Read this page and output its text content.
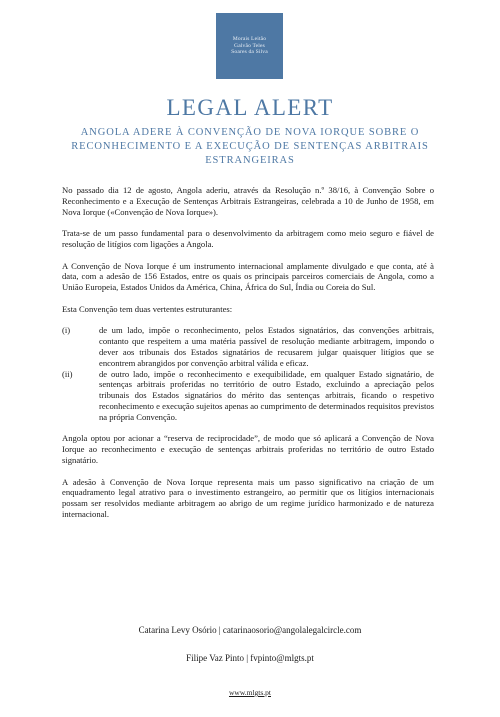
Morais Leitão
Galvão Teles
Soares da Silva
LEGAL ALERT
ANGOLA ADERE À CONVENÇÃO DE NOVA IORQUE SOBRE O RECONHECIMENTO E A EXECUÇÃO DE SENTENÇAS ARBITRAIS ESTRANGEIRAS

No passado dia 12 de agosto, Angola aderiu, através da Resolução n.º 38/16, à Convenção Sobre o Reconhecimento e a Execução de Sentenças Arbitrais Estrangeiras, celebrada a 10 de Junho de 1958, em Nova Iorque («Convenção de Nova Iorque»).

Trata-se de um passo fundamental para o desenvolvimento da arbitragem como meio seguro e fiável de resolução de litígios com ligações a Angola.

A Convenção de Nova Iorque é um instrumento internacional amplamente divulgado e que conta, até à data, com a adesão de 156 Estados, entre os quais os principais parceiros comerciais de Angola, como a União Europeia, Estados Unidos da América, China, África do Sul, Índia ou Coreia do Sul.

Esta Convenção tem duas vertentes estruturantes:

(i)	de um lado, impõe o reconhecimento, pelos Estados signatários, das convenções arbitrais, contanto que respeitem a uma matéria passível de resolução mediante arbitragem, impondo o dever aos tribunais dos Estados signatários de recusarem julgar quaisquer litígios que se encontrem abrangidos por convenção arbitral válida e eficaz.
(ii)	de outro lado, impõe o reconhecimento e exequibilidade, em qualquer Estado signatário, de sentenças arbitrais proferidas no território de outro Estado, excluindo a apreciação pelos tribunais dos Estados signatários do mérito das sentenças arbitrais, ficando o respetivo reconhecimento e execução sujeitos apenas ao cumprimento de determinados requisitos previstos na própria Convenção.

Angola optou por acionar a “reserva de reciprocidade”, de modo que só aplicará a Convenção de Nova Iorque ao reconhecimento e execução de sentenças arbitrais proferidas no território de outro Estado signatário.

A adesão à Convenção de Nova Iorque representa mais um passo significativo na criação de um enquadramento legal atrativo para o investimento estrangeiro, ao permitir que os litígios internacionais possam ser resolvidos mediante arbitragem ao abrigo de um regime jurídico harmonizado e de natureza internacional.

Catarina Levy Osório | catarinaosorio@angolalegalcircle.com
Filipe Vaz Pinto | fvpinto@mlgts.pt
www.mlgts.pt
